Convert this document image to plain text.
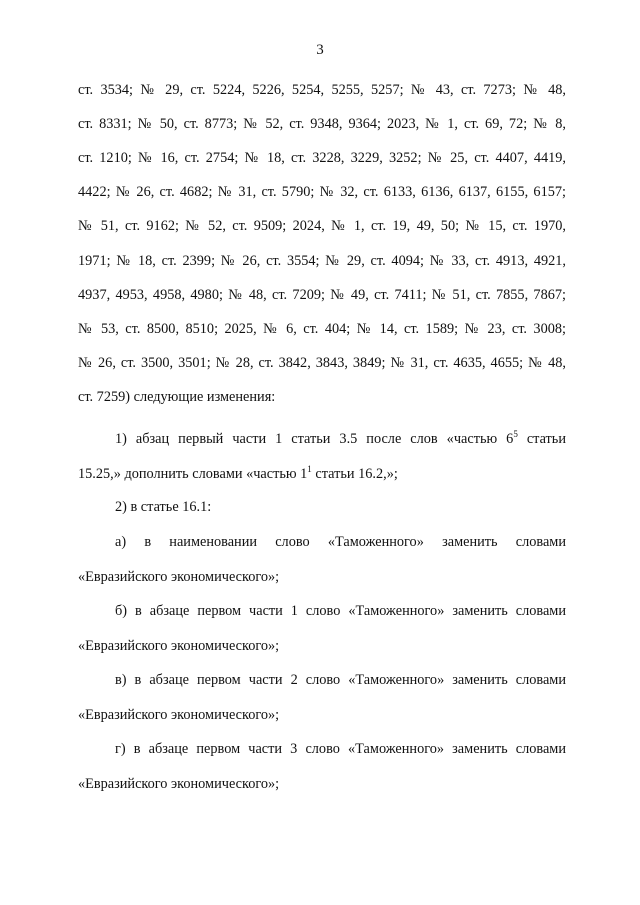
3
ст. 3534; № 29, ст. 5224, 5226, 5254, 5255, 5257; № 43, ст. 7273; № 48,
ст. 8331; № 50, ст. 8773; № 52, ст. 9348, 9364; 2023, № 1, ст. 69, 72; № 8,
ст. 1210; № 16, ст. 2754; № 18, ст. 3228, 3229, 3252; № 25, ст. 4407, 4419,
4422; № 26, ст. 4682; № 31, ст. 5790; № 32, ст. 6133, 6136, 6137, 6155, 6157;
№ 51, ст. 9162; № 52, ст. 9509; 2024, № 1, ст. 19, 49, 50; № 15, ст. 1970,
1971; № 18, ст. 2399; № 26, ст. 3554; № 29, ст. 4094; № 33, ст. 4913, 4921,
4937, 4953, 4958, 4980; № 48, ст. 7209; № 49, ст. 7411; № 51, ст. 7855, 7867;
№ 53, ст. 8500, 8510; 2025, № 6, ст. 404; № 14, ст. 1589; № 23, ст. 3008;
№ 26, ст. 3500, 3501; № 28, ст. 3842, 3843, 3849; № 31, ст. 4635, 4655; № 48,
ст. 7259) следующие изменения:
1) абзац первый части 1 статьи 3.5 после слов «частью $6^5$ статьи
15.25,» дополнить словами «частью $1^1$ статьи 16.2,»;
2) в статье 16.1:
а) в наименовании слово «Таможенного» заменить словами
«Евразийского экономического»;
б) в абзаце первом части 1 слово «Таможенного» заменить словами
«Евразийского экономического»;
в) в абзаце первом части 2 слово «Таможенного» заменить словами
«Евразийского экономического»;
г) в абзаце первом части 3 слово «Таможенного» заменить словами
«Евразийского экономического»;
